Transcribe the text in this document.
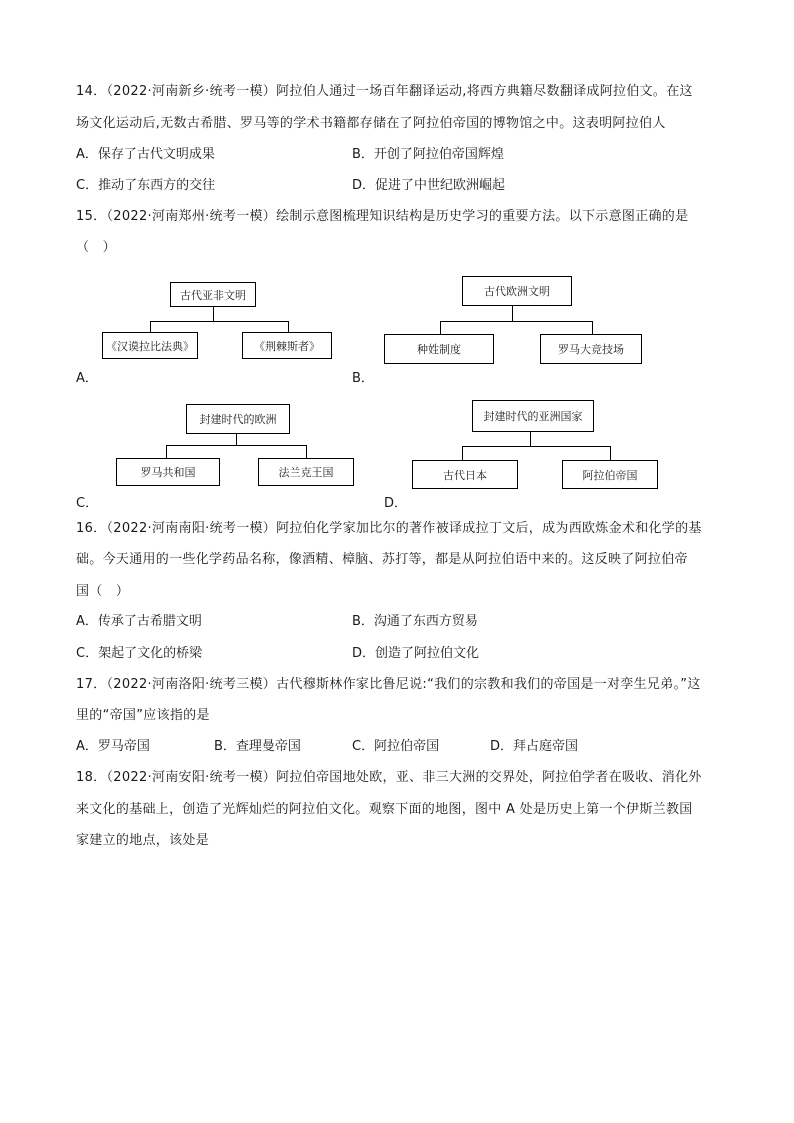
14．（2022·河南新乡·统考一模）阿拉伯人通过一场百年翻译运动,将西方典籍尽数翻译成阿拉伯文。在这
场文化运动后,无数古希腊、罗马等的学术书籍都存储在了阿拉伯帝国的博物馆之中。这表明阿拉伯人
A．保存了古代文明成果	B．开创了阿拉伯帝国辉煌
C．推动了东西方的交往	D．促进了中世纪欧洲崛起
15．（2022·河南郑州·统考一模）绘制示意图梳理知识结构是历史学习的重要方法。以下示意图正确的是
（　）
古代亚非文明
《汉谟拉比法典》	《荆棘斯者》
A．
古代欧洲文明
种姓制度	罗马大竞技场
B．
封建时代的欧洲
罗马共和国	法兰克王国
C．
封建时代的亚洲国家
古代日本	阿拉伯帝国
D．
16．（2022·河南南阳·统考一模）阿拉伯化学家加比尔的著作被译成拉丁文后，成为西欧炼金术和化学的基
础。今天通用的一些化学药品名称，像酒精、樟脑、苏打等，都是从阿拉伯语中来的。这反映了阿拉伯帝
国（　）
A．传承了古希腊文明	B．沟通了东西方贸易
C．架起了文化的桥梁	D．创造了阿拉伯文化
17．（2022·河南洛阳·统考三模）古代穆斯林作家比鲁尼说:“我们的宗教和我们的帝国是一对孪生兄弟。”这
里的“帝国”应该指的是
A．罗马帝国	B．查理曼帝国	C．阿拉伯帝国	D．拜占庭帝国
18．（2022·河南安阳·统考一模）阿拉伯帝国地处欧，亚、非三大洲的交界处，阿拉伯学者在吸收、消化外
来文化的基础上，创造了光辉灿烂的阿拉伯文化。观察下面的地图，图中 A 处是历史上第一个伊斯兰教国
家建立的地点，该处是
